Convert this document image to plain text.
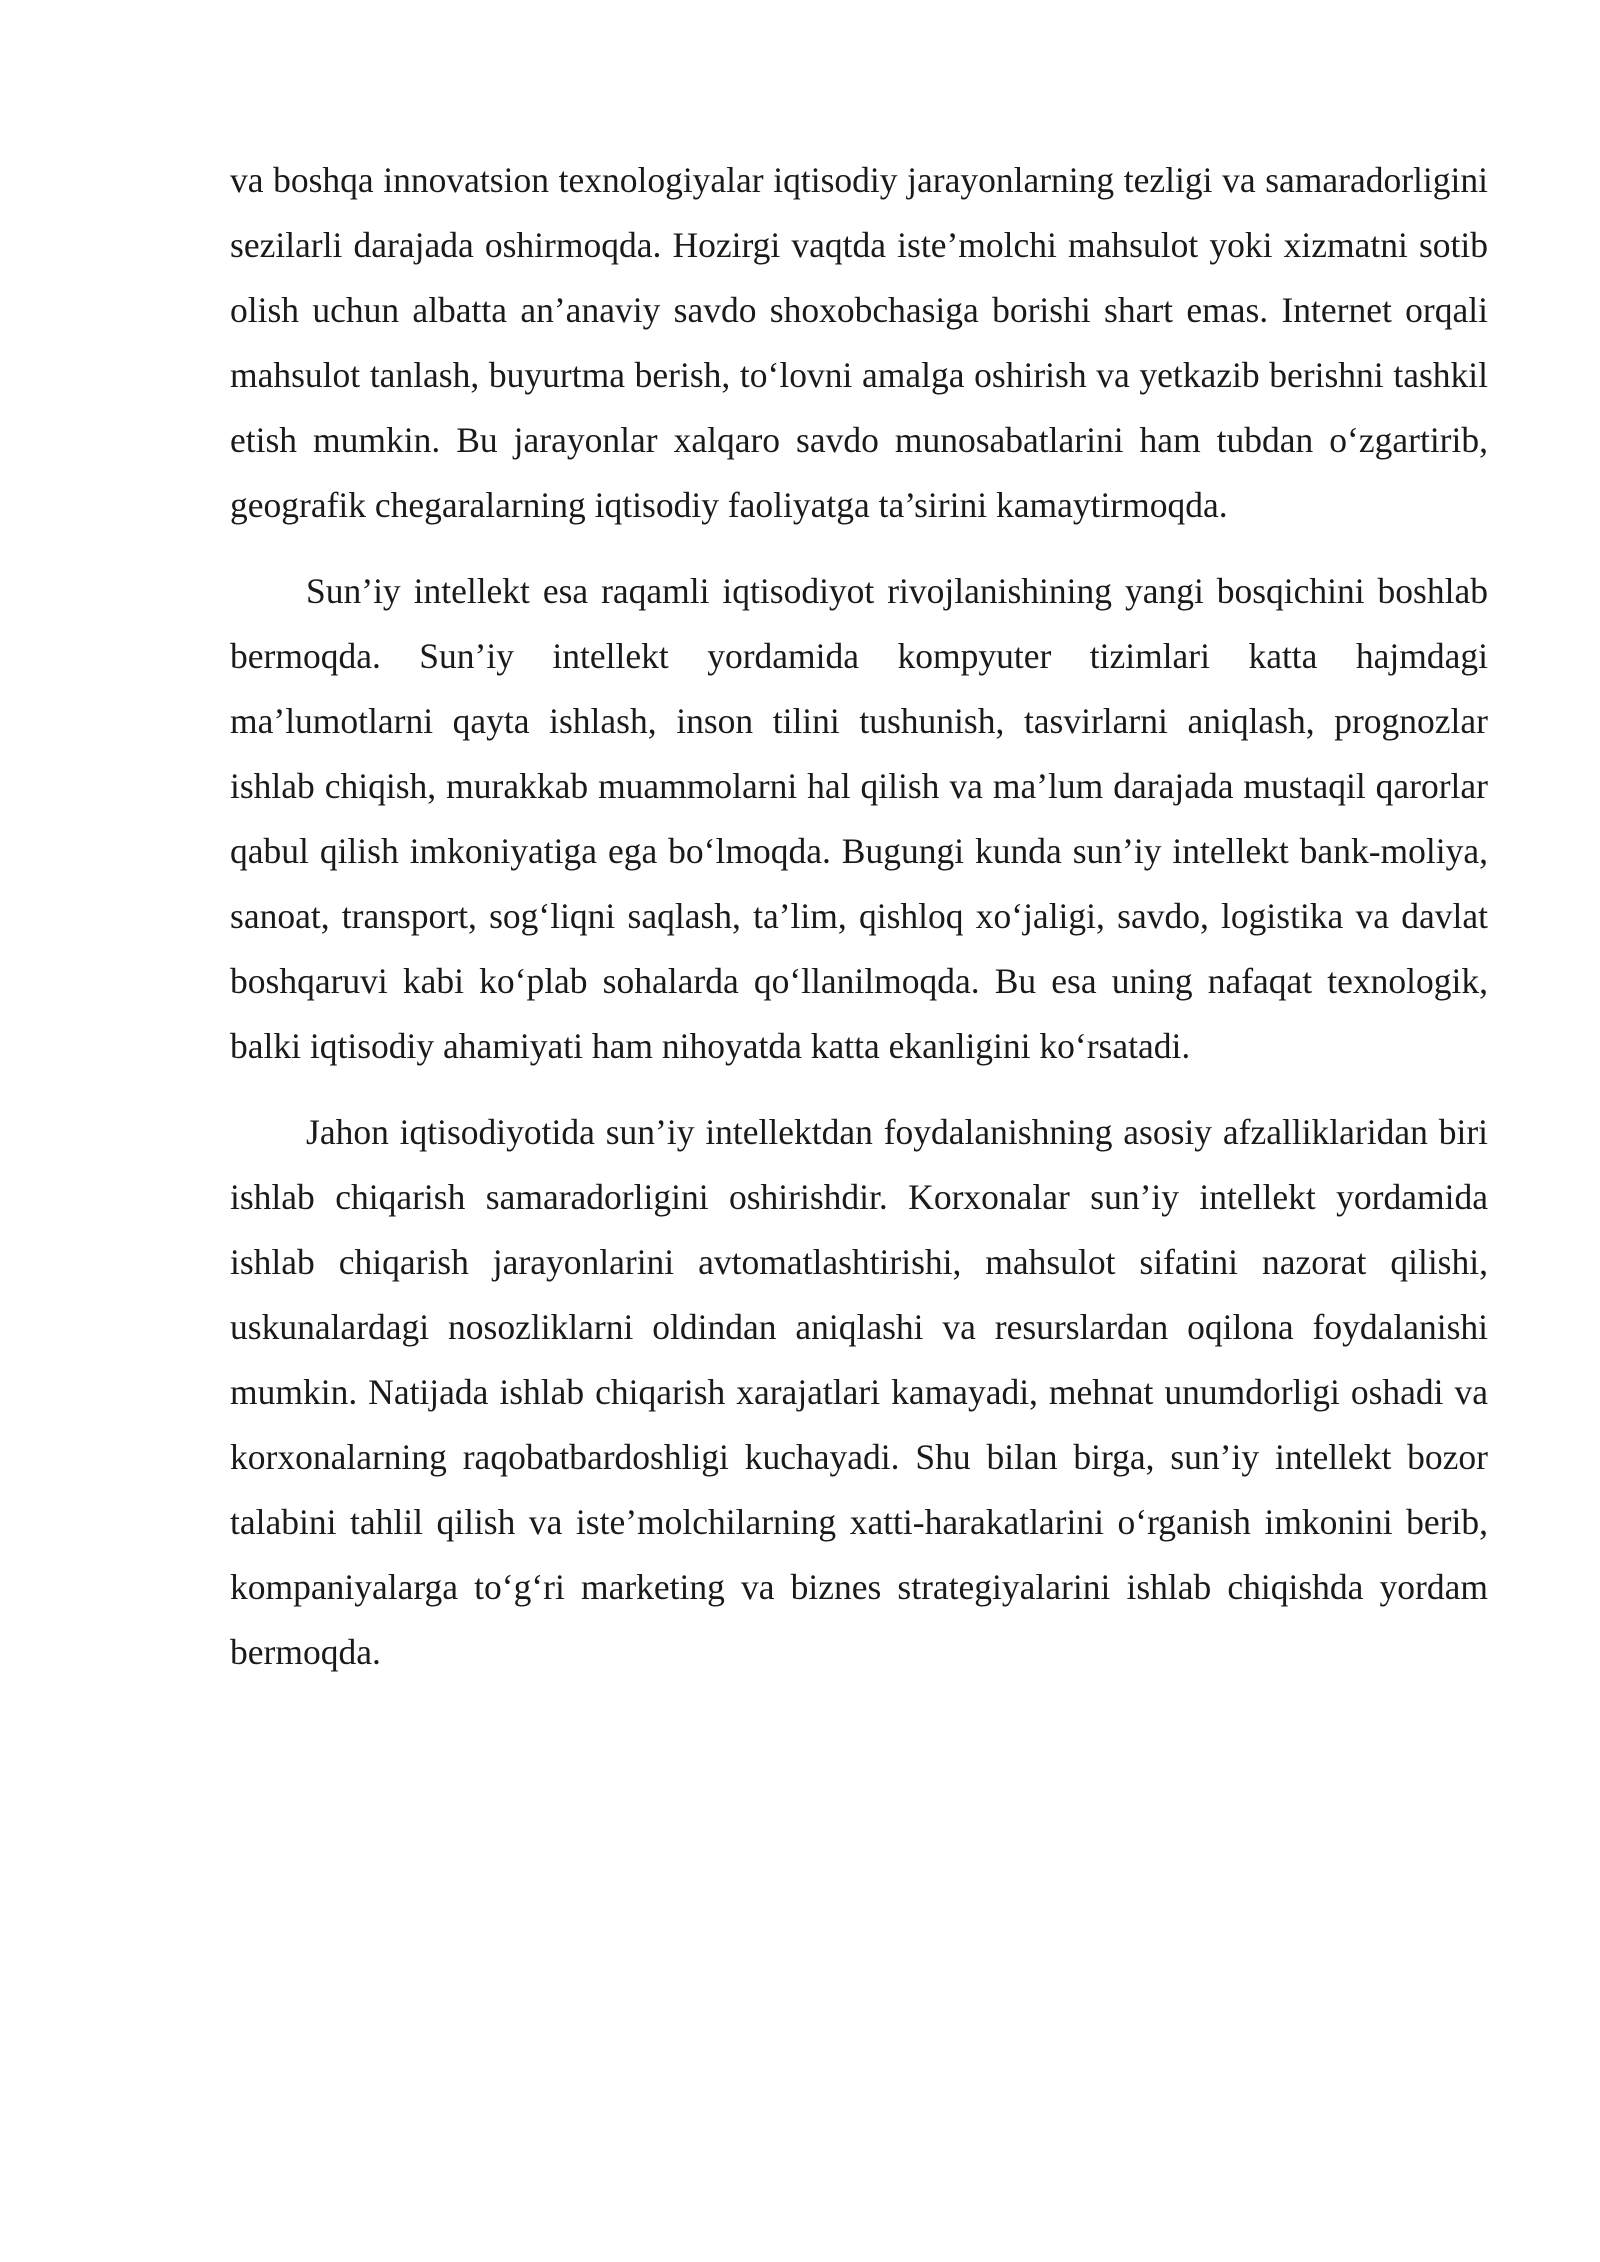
va boshqa innovatsion texnologiyalar iqtisodiy jarayonlarning tezligi va samaradorligini sezilarli darajada oshirmoqda. Hozirgi vaqtda iste’molchi mahsulot yoki xizmatni sotib olish uchun albatta an’anaviy savdo shoxobchasiga borishi shart emas. Internet orqali mahsulot tanlash, buyurtma berish, to‘lovni amalga oshirish va yetkazib berishni tashkil etish mumkin. Bu jarayonlar xalqaro savdo munosabatlarini ham tubdan o‘zgartirib, geografik chegaralarning iqtisodiy faoliyatga ta’sirini kamaytirmoqda.

Sun’iy intellekt esa raqamli iqtisodiyot rivojlanishining yangi bosqichini boshlab bermoqda. Sun’iy intellekt yordamida kompyuter tizimlari katta hajmdagi ma’lumotlarni qayta ishlash, inson tilini tushunish, tasvirlarni aniqlash, prognozlar ishlab chiqish, murakkab muammolarni hal qilish va ma’lum darajada mustaqil qarorlar qabul qilish imkoniyatiga ega bo‘lmoqda. Bugungi kunda sun’iy intellekt bank-moliya, sanoat, transport, sog‘liqni saqlash, ta’lim, qishloq xo‘jaligi, savdo, logistika va davlat boshqaruvi kabi ko‘plab sohalarda qo‘llanilmoqda. Bu esa uning nafaqat texnologik, balki iqtisodiy ahamiyati ham nihoyatda katta ekanligini ko‘rsatadi.

Jahon iqtisodiyotida sun’iy intellektdan foydalanishning asosiy afzalliklaridan biri ishlab chiqarish samaradorligini oshirishdir. Korxonalar sun’iy intellekt yordamida ishlab chiqarish jarayonlarini avtomatlashtirishi, mahsulot sifatini nazorat qilishi, uskunalardagi nosozliklarni oldindan aniqlashi va resurslardan oqilona foydalanishi mumkin. Natijada ishlab chiqarish xarajatlari kamayadi, mehnat unumdorligi oshadi va korxonalarning raqobatbardoshligi kuchayadi. Shu bilan birga, sun’iy intellekt bozor talabini tahlil qilish va iste’molchilarning xatti-harakatlarini o‘rganish imkonini berib, kompaniyalarga to‘g‘ri marketing va biznes strategiyalarini ishlab chiqishda yordam bermoqda.
